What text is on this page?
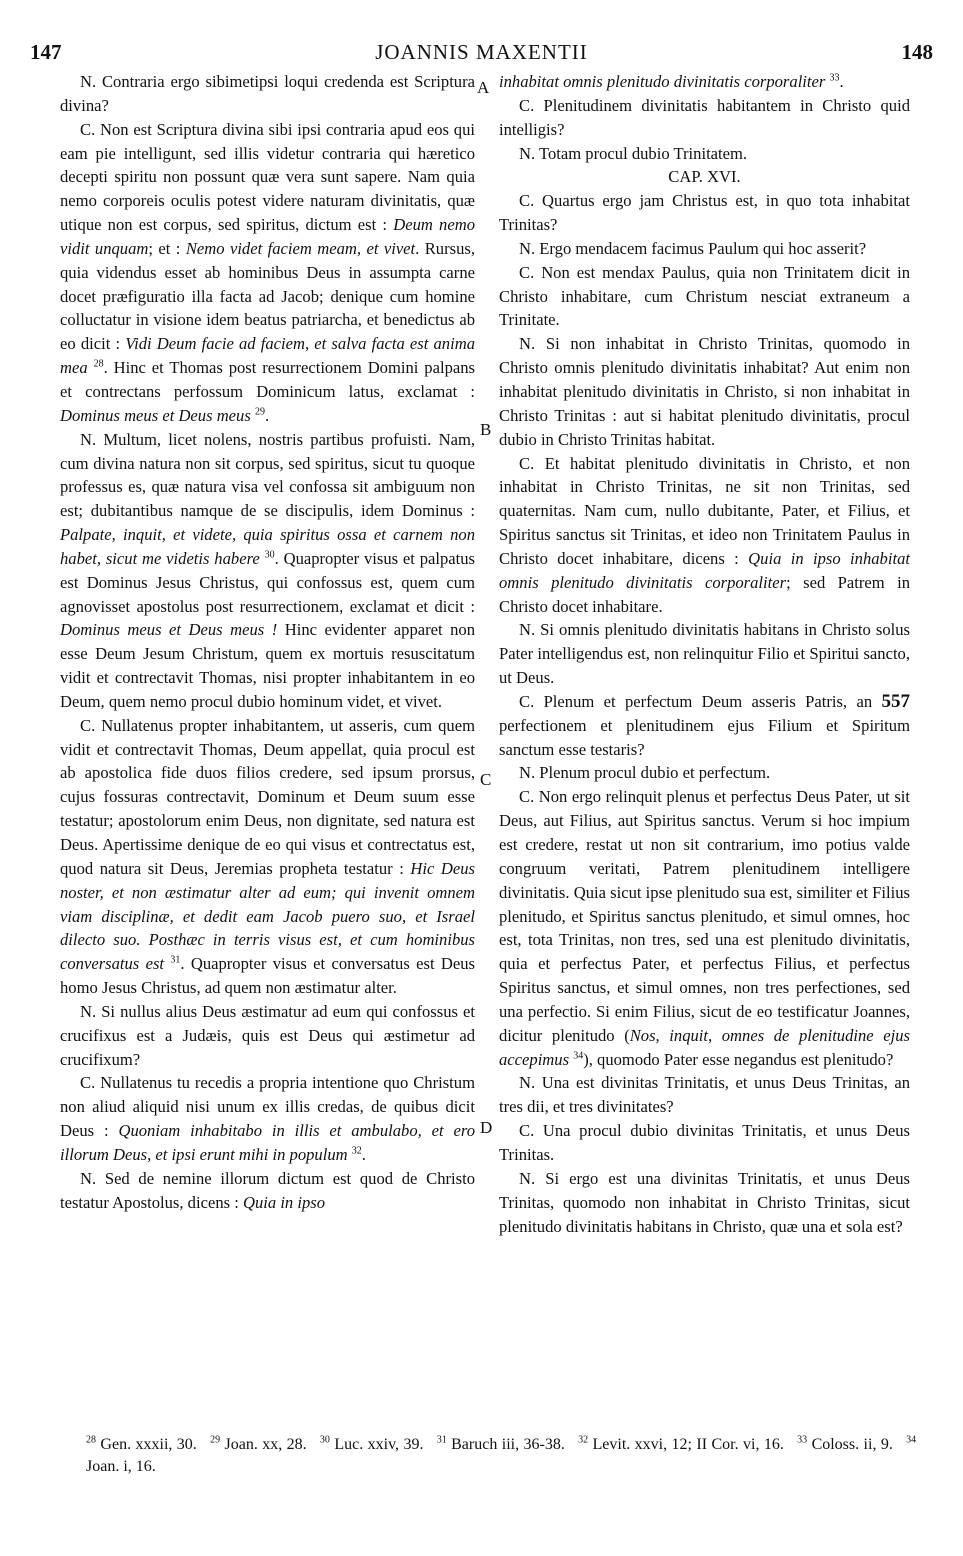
147	JOANNIS MAXENTII	148
A
B
C
D

N. Contraria ergo sibimetipsi loqui credenda est Scriptura divina?

C. Non est Scriptura divina sibi ipsi contraria apud eos qui eam pie intelligunt, sed illis videtur contraria qui hæretico decepti spiritu non possunt quæ vera sunt sapere. Nam quia nemo corporeis oculis potest videre naturam divinitatis, quæ utique non est corpus, sed spiritus, dictum est : Deum nemo vidit unquam; et : Nemo videt faciem meam, et vivet. Rursus, quia videndus esset ab hominibus Deus in assumpta carne docet præfiguratio illa facta ad Jacob; denique cum homine colluctatur in visione idem beatus patriarcha, et benedictus ab eo dicit : Vidi Deum facie ad faciem, et salva facta est anima mea $^{28}$. Hinc et Thomas post resurrectionem Domini palpans et contrectans perfossum Dominicum latus, exclamat : Dominus meus et Deus meus $^{29}$.

N. Multum, licet nolens, nostris partibus profuisti. Nam, cum divina natura non sit corpus, sed spiritus, sicut tu quoque professus es, quæ natura visa vel confossa sit ambiguum non est; dubitantibus namque de se discipulis, idem Dominus : Palpate, inquit, et videte, quia spiritus ossa et carnem non habet, sicut me videtis habere $^{30}$. Quapropter visus et palpatus est Dominus Jesus Christus, qui confossus est, quem cum agnovisset apostolus post resurrectionem, exclamat et dicit : Dominus meus et Deus meus ! Hinc evidenter apparet non esse Deum Jesum Christum, quem ex mortuis resuscitatum vidit et contrectavit Thomas, nisi propter inhabitantem in eo Deum, quem nemo procul dubio hominum videt, et vivet.

C. Nullatenus propter inhabitantem, ut asseris, cum quem vidit et contrectavit Thomas, Deum appellat, quia procul est ab apostolica fide duos filios credere, sed ipsum prorsus, cujus fossuras contrectavit, Dominum et Deum suum esse testatur; apostolorum enim Deus, non dignitate, sed natura est Deus. Apertissime denique de eo qui visus et contrectatus est, quod natura sit Deus, Jeremias propheta testatur : Hic Deus noster, et non æstimatur alter ad eum; qui invenit omnem viam disciplinæ, et dedit eam Jacob puero suo, et Israel dilecto suo. Posthæc in terris visus est, et cum hominibus conversatus est $^{31}$. Quapropter visus et conversatus est Deus homo Jesus Christus, ad quem non æstimatur alter.

N. Si nullus alius Deus æstimatur ad eum qui confossus et crucifixus est a Judæis, quis est Deus qui æstimetur ad crucifixum?

C. Nullatenus tu recedis a propria intentione quo Christum non aliud aliquid nisi unum ex illis credas, de quibus dicit Deus : Quoniam inhabitabo in illis et ambulabo, et ero illorum Deus, et ipsi erunt mihi in populum $^{32}$.

N. Sed de nemine illorum dictum est quod de Christo testatur Apostolus, dicens : Quia in ipso

inhabitat omnis plenitudo divinitatis corporaliter $^{33}$.

C. Plenitudinem divinitatis habitantem in Christo quid intelligis?

N. Totam procul dubio Trinitatem.

CAP. XVI.

C. Quartus ergo jam Christus est, in quo tota inhabitat Trinitas?

N. Ergo mendacem facimus Paulum qui hoc asserit?

C. Non est mendax Paulus, quia non Trinitatem dicit in Christo inhabitare, cum Christum nesciat extraneum a Trinitate.

N. Si non inhabitat in Christo Trinitas, quomodo in Christo omnis plenitudo divinitatis inhabitat? Aut enim non inhabitat plenitudo divinitatis in Christo, si non inhabitat in Christo Trinitas : aut si habitat plenitudo divinitatis, procul dubio in Christo Trinitas habitat.

C. Et habitat plenitudo divinitatis in Christo, et non inhabitat in Christo Trinitas, ne sit non Trinitas, sed quaternitas. Nam cum, nullo dubitante, Pater, et Filius, et Spiritus sanctus sit Trinitas, et ideo non Trinitatem Paulus in Christo docet inhabitare, dicens : Quia in ipso inhabitat omnis plenitudo divinitatis corporaliter; sed Patrem in Christo docet inhabitare.

N. Si omnis plenitudo divinitatis habitans in Christo solus Pater intelligendus est, non relinquitur Filio et Spiritui sancto, ut Deus.

C. Plenum et perfectum Deum asseris Patris, an 557 perfectionem et plenitudinem ejus Filium et Spiritum sanctum esse testaris?

N. Plenum procul dubio et perfectum.

C. Non ergo relinquit plenus et perfectus Deus Pater, ut sit Deus, aut Filius, aut Spiritus sanctus. Verum si hoc impium est credere, restat ut non sit contrarium, imo potius valde congruum veritati, Patrem plenitudinem intelligere divinitatis. Quia sicut ipse plenitudo sua est, similiter et Filius plenitudo, et Spiritus sanctus plenitudo, et simul omnes, hoc est, tota Trinitas, non tres, sed una est plenitudo divinitatis, quia et perfectus Pater, et perfectus Filius, et perfectus Spiritus sanctus, et simul omnes, non tres perfectiones, sed una perfectio. Si enim Filius, sicut de eo testificatur Joannes, dicitur plenitudo (Nos, inquit, omnes de plenitudine ejus accepimus $^{34}$), quomodo Pater esse negandus est plenitudo?

N. Una est divinitas Trinitatis, et unus Deus Trinitas, an tres dii, et tres divinitates?

C. Una procul dubio divinitas Trinitatis, et unus Deus Trinitas.

N. Si ergo est una divinitas Trinitatis, et unus Deus Trinitas, quomodo non inhabitat in Christo Trinitas, sicut plenitudo divinitatis habitans in Christo, quæ una et sola est?

$^{28}$ Gen. xxxii, 30. $^{29}$ Joan. xx, 28. $^{30}$ Luc. xxiv, 39. $^{31}$ Baruch iii, 36-38. $^{32}$ Levit. xxvi, 12; II Cor. vi, 16. $^{33}$ Coloss. ii, 9. $^{34}$ Joan. i, 16.
